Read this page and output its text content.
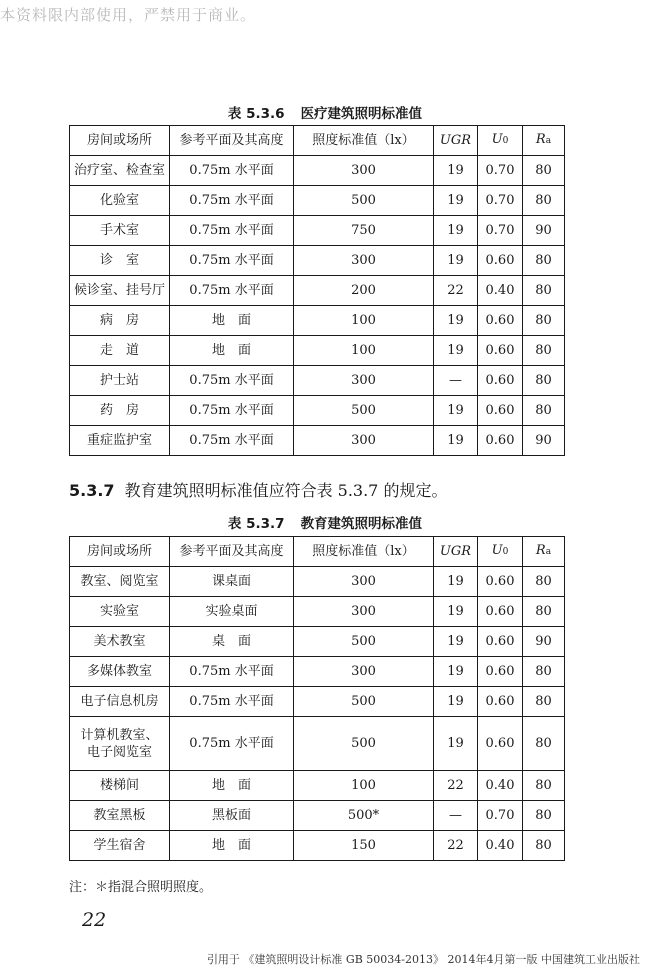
本资料限内部使用，严禁用于商业。
表 5.3.6 医疗建筑照明标准值
房间或场所	参考平面及其高度	照度标准值（lx）	UGR	U0	Ra
治疗室、检查室	0.75m 水平面	300	19	0.70	80
化验室	0.75m 水平面	500	19	0.70	80
手术室	0.75m 水平面	750	19	0.70	90
诊　室	0.75m 水平面	300	19	0.60	80
候诊室、挂号厅	0.75m 水平面	200	22	0.40	80
病　房	地　面	100	19	0.60	80
走　道	地　面	100	19	0.60	80
护士站	0.75m 水平面	300	—	0.60	80
药　房	0.75m 水平面	500	19	0.60	80
重症监护室	0.75m 水平面	300	19	0.60	90
5.3.7 教育建筑照明标准值应符合表 5.3.7 的规定。
表 5.3.7 教育建筑照明标准值
房间或场所	参考平面及其高度	照度标准值（lx）	UGR	U0	Ra
教室、阅览室	课桌面	300	19	0.60	80
实验室	实验桌面	300	19	0.60	80
美术教室	桌　面	500	19	0.60	90
多媒体教室	0.75m 水平面	300	19	0.60	80
电子信息机房	0.75m 水平面	500	19	0.60	80

计算机教室、
电子阅览室	0.75m 水平面	500	19	0.60	80
楼梯间	地　面	100	22	0.40	80
教室黑板	黑板面	500*	—	0.70	80
学生宿舍	地　面	150	22	0.40	80
注：＊指混合照明照度。
22
引用于 《建筑照明设计标准 GB 50034-2013》 2014年4月第一版 中国建筑工业出版社
